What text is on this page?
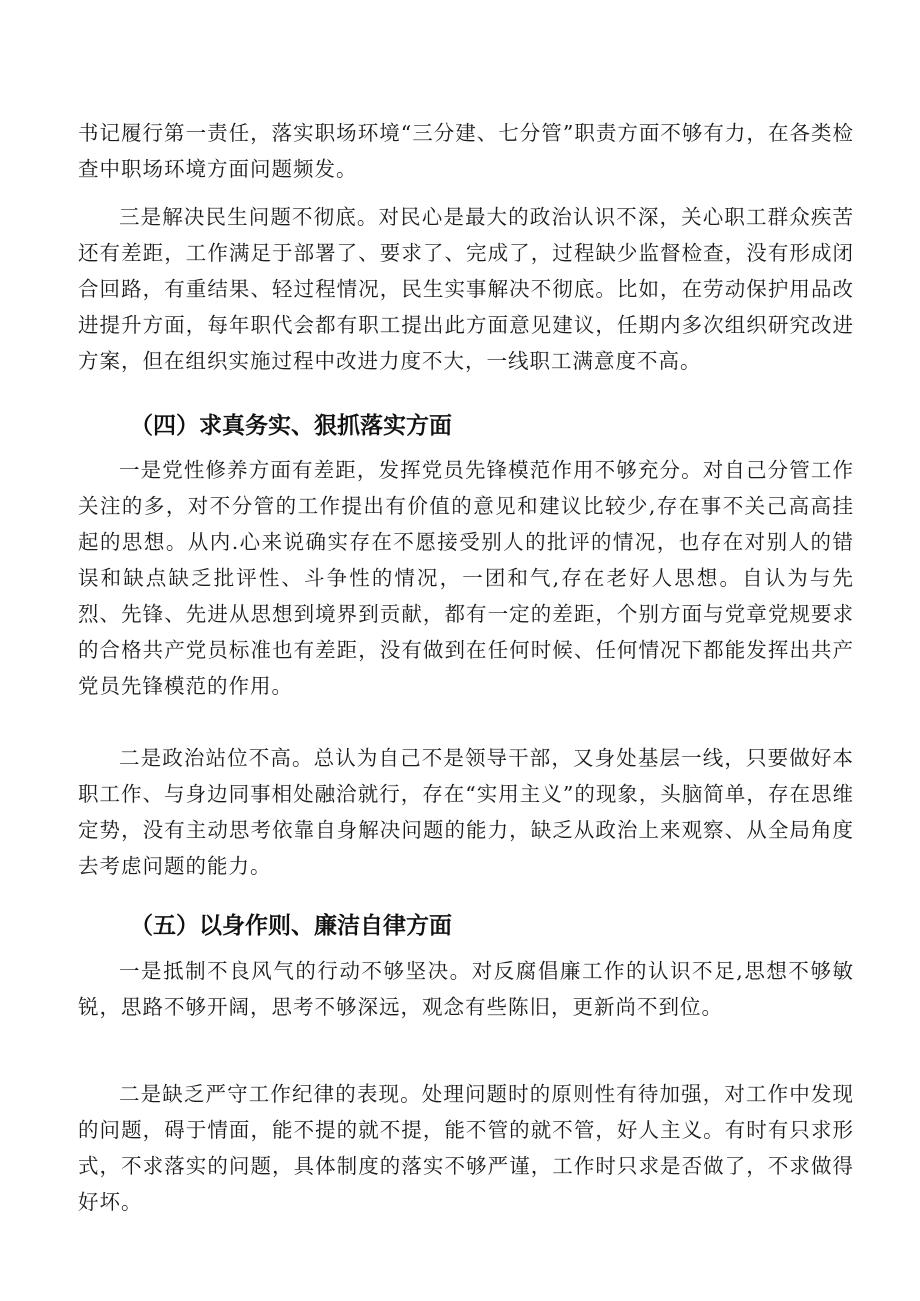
书记履行第一责任，落实职场环境“三分建、七分管”职责方面不够有力，在各类检查中职场环境方面问题频发。

三是解决民生问题不彻底。对民心是最大的政治认识不深，关心职工群众疾苦还有差距，工作满足于部署了、要求了、完成了，过程缺少监督检查，没有形成闭合回路，有重结果、轻过程情况，民生实事解决不彻底。比如，在劳动保护用品改进提升方面，每年职代会都有职工提出此方面意见建议，任期内多次组织研究改进方案，但在组织实施过程中改进力度不大，一线职工满意度不高。

（四）求真务实、狠抓落实方面

一是党性修养方面有差距，发挥党员先锋模范作用不够充分。对自己分管工作关注的多，对不分管的工作提出有价值的意见和建议比较少,存在事不关己高高挂起的思想。从内.心来说确实存在不愿接受别人的批评的情况，也存在对别人的错误和缺点缺乏批评性、斗争性的情况，一团和气,存在老好人思想。自认为与先烈、先锋、先进从思想到境界到贡献，都有一定的差距，个别方面与党章党规要求的合格共产党员标准也有差距，没有做到在任何时候、任何情况下都能发挥出共产党员先锋模范的作用。

二是政治站位不高。总认为自己不是领导干部，又身处基层一线，只要做好本职工作、与身边同事相处融洽就行，存在“实用主义”的现象，头脑简单，存在思维定势，没有主动思考依靠自身解决问题的能力，缺乏从政治上来观察、从全局角度去考虑问题的能力。

（五）以身作则、廉洁自律方面

一是抵制不良风气的行动不够坚决。对反腐倡廉工作的认识不足,思想不够敏锐，思路不够开阔，思考不够深远，观念有些陈旧，更新尚不到位。

二是缺乏严守工作纪律的表现。处理问题时的原则性有待加强，对工作中发现的问题，碍于情面，能不提的就不提，能不管的就不管，好人主义。有时有只求形式，不求落实的问题，具体制度的落实不够严谨，工作时只求是否做了，不求做得好坏。
